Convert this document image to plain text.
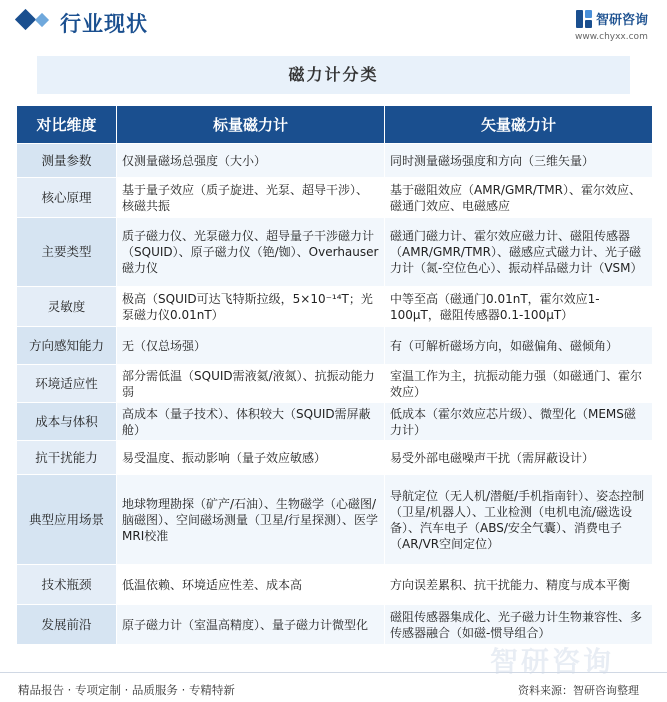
行业现状	智研咨询
www.chyxx.com
磁力计分类
对比维度	标量磁力计	矢量磁力计
测量参数	仅测量磁场总强度（大小）	同时测量磁场强度和方向（三维矢量）
核心原理	基于量子效应（质子旋进、光泵、超导干涉）、核磁共振	基于磁阻效应（AMR/GMR/TMR）、霍尔效应、磁通门效应、电磁感应
主要类型	质子磁力仪、光泵磁力仪、超导量子干涉磁力计（SQUID）、原子磁力仪（铯/铷）、Overhauser磁力仪	磁通门磁力计、霍尔效应磁力计、磁阻传感器（AMR/GMR/TMR）、磁感应式磁力计、光子磁力计（氮-空位色心）、振动样品磁力计（VSM）
灵敏度	极高（SQUID可达飞特斯拉级，5×10⁻¹⁴T；光泵磁力仪0.01nT）	中等至高（磁通门0.01nT，霍尔效应1-100μT，磁阻传感器0.1-100μT）
方向感知能力	无（仅总场强）	有（可解析磁场方向，如磁偏角、磁倾角）
环境适应性	部分需低温（SQUID需液氦/液氮）、抗振动能力弱	室温工作为主，抗振动能力强（如磁通门、霍尔效应）
成本与体积	高成本（量子技术）、体积较大（SQUID需屏蔽舱）	低成本（霍尔效应芯片级）、微型化（MEMS磁力计）
抗干扰能力	易受温度、振动影响（量子效应敏感）	易受外部电磁噪声干扰（需屏蔽设计）
典型应用场景	地球物理勘探（矿产/石油）、生物磁学（心磁图/脑磁图）、空间磁场测量（卫星/行星探测）、医学MRI校准	导航定位（无人机/潜艇/手机指南针）、姿态控制（卫星/机器人）、工业检测（电机电流/磁选设备）、汽车电子（ABS/安全气囊）、消费电子（AR/VR空间定位）
技术瓶颈	低温依赖、环境适应性差、成本高	方向误差累积、抗干扰能力、精度与成本平衡
发展前沿	原子磁力计（室温高精度）、量子磁力计微型化	磁阻传感器集成化、光子磁力计生物兼容性、多传感器融合（如磁-惯导组合）
智研咨询
精品报告 · 专项定制 · 品质服务 · 专精特新	资料来源：智研咨询整理
